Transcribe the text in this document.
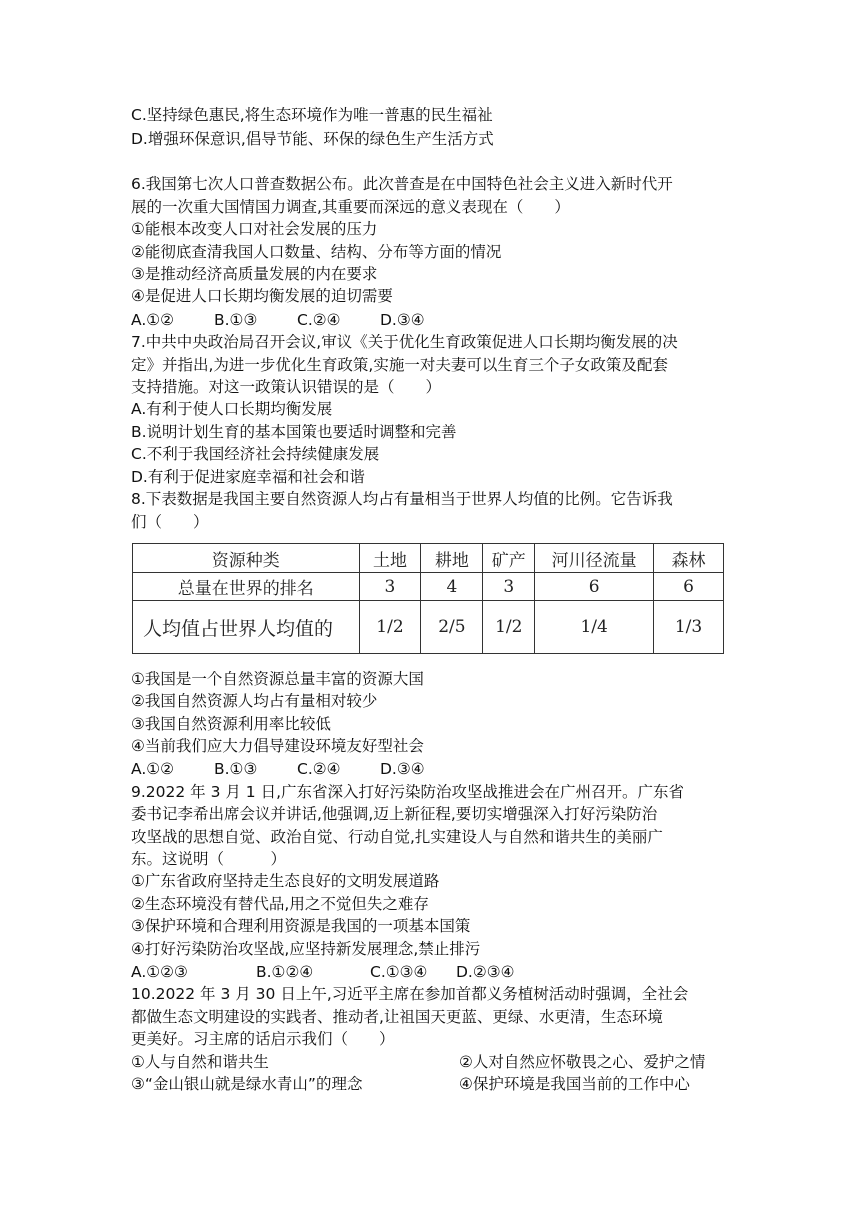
C.坚持绿色惠民,将生态环境作为唯一普惠的民生福祉
D.增强环保意识,倡导节能、环保的绿色生产生活方式
6.我国第七次人口普查数据公布。此次普查是在中国特色社会主义进入新时代开
展的一次重大国情国力调查,其重要而深远的意义表现在（　　）
①能根本改变人口对社会发展的压力
②能彻底查清我国人口数量、结构、分布等方面的情况
③是推动经济高质量发展的内在要求
④是促进人口长期均衡发展的迫切需要
A.①②	B.①③	C.②④	D.③④
7.中共中央政治局召开会议,审议《关于优化生育政策促进人口长期均衡发展的决
定》并指出,为进一步优化生育政策,实施一对夫妻可以生育三个子女政策及配套
支持措施。对这一政策认识错误的是（　　）
A.有利于使人口长期均衡发展
B.说明计划生育的基本国策也要适时调整和完善
C.不利于我国经济社会持续健康发展
D.有利于促进家庭幸福和社会和谐
8.下表数据是我国主要自然资源人均占有量相当于世界人均值的比例。它告诉我
们（　　）
资源种类	土地	耕地	矿产	河川径流量	森林
总量在世界的排名	3	4	3	6	6
人均值占世界人均值的	1/2	2/5	1/2	1/4	1/3
①我国是一个自然资源总量丰富的资源大国
②我国自然资源人均占有量相对较少
③我国自然资源利用率比较低
④当前我们应大力倡导建设环境友好型社会
A.①②	B.①③	C.②④	D.③④
9.2022 年 3 月 1 日,广东省深入打好污染防治攻坚战推进会在广州召开。广东省
委书记李希出席会议并讲话,他强调,迈上新征程,要切实增强深入打好污染防治
攻坚战的思想自觉、政治自觉、行动自觉,扎实建设人与自然和谐共生的美丽广
东。这说明（　　　）
①广东省政府坚持走生态良好的文明发展道路
②生态环境没有替代品,用之不觉但失之难存
③保护环境和合理利用资源是我国的一项基本国策
④打好污染防治攻坚战,应坚持新发展理念,禁止排污
A.①②③	B.①②④	C.①③④ D.②③④
10.2022 年 3 月 30 日上午,习近平主席在参加首都义务植树活动时强调，全社会
都做生态文明建设的实践者、推动者,让祖国天更蓝、更绿、水更清，生态环境
更美好。习主席的话启示我们（　　）
①人与自然和谐共生	②人对自然应怀敬畏之心、爱护之情
③“金山银山就是绿水青山”的理念	④保护环境是我国当前的工作中心
